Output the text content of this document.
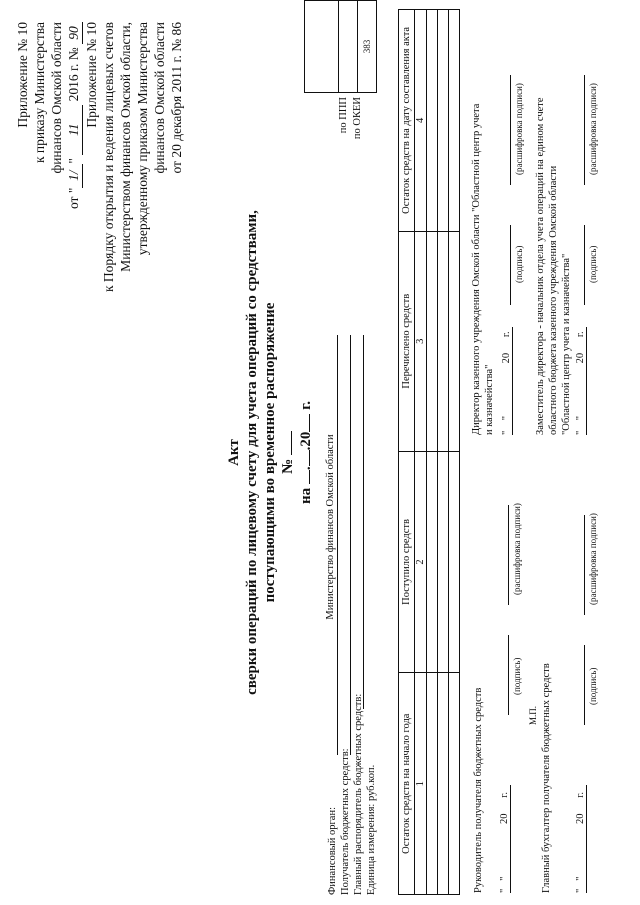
Приложение № 10 к приказу Министерства финансов Омской области
от "1/" 11 2016 г. № 90 Приложение № 10 к Порядку открытия и ведения лицевых счетов Министерством финансов Омской области, утвержденному приказом Министерства финансов Омской области от 20 декабря 2011 г. № 86
Акт сверки операций по лицевому счету для учета операций со средствами, поступающими во временное распоряжение №
на ..20 г.
Финансовый орган: Получатель бюджетных средств: Главный распорядитель бюджетных средств: Единица измерения: руб.коп.
Министерство финансов Омской области
по ППП по ОКЕИ

383
Остаток средств на начало года	Поступило средств	Перечислено средств	Остаток средств на дату составления акта
1	2	3	4

Руководитель получателя бюджетных средств "   "                    20      г.
(подпись)
(расшифровка подписи)
М.П. Главный бухгалтер получателя бюджетных средств "   "                    20      г.
(подпись)
(расшифровка подписи)
Директор казенного учреждения Омской области "Областной центр учета и казначейства" "    "                    20      г.
(подпись)
(расшифровка подписи) Заместитель директора - начальник отдела учета операций на едином счете областного бюджета казенного учреждения Омской области "Областной центр учета и казначейства" "    "                    20      г.
(подпись)
(расшифровка подписи)
